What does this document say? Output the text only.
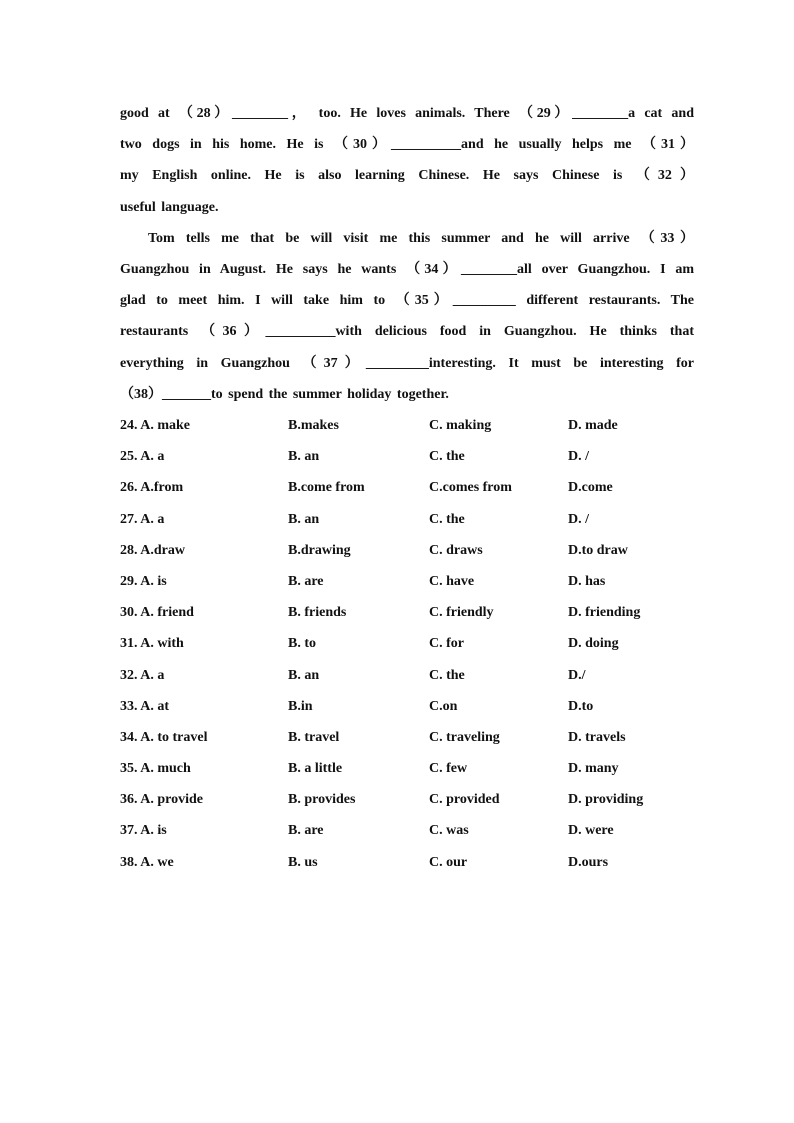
good at （28）________， too. He loves animals. There （29）________a cat and
two dogs in his home. He is （30）__________and he usually helps me （31）
my English online. He is also learning Chinese. He says Chinese is （32）
useful language.
Tom tells me that be will visit me this summer and he will arrive （33）
Guangzhou in August. He says he wants （34）________all over Guangzhou. I am
glad to meet him. I will take him to （35）_________ different restaurants. The
restaurants （36）__________with delicious food in Guangzhou. He thinks that
everything in Guangzhou （37）_________interesting. It must be interesting for
（38）_______to spend the summer holiday together.
24. A. make	B.makes	C. making	D. made
25. A. a	B. an	C. the	D. /
26. A.from	B.come from	C.comes from	D.come
27. A. a	B. an	C. the	D. /
28. A.draw	B.drawing	C. draws	D.to draw
29. A. is	B. are	C. have	D. has
30. A. friend	B. friends	C. friendly	D. friending
31. A. with	B. to	C. for	D. doing
32. A. a	B. an	C. the	D./
33. A. at	B.in	C.on	D.to
34. A. to travel	B. travel	C. traveling	D. travels
35. A. much	B. a little	C. few	D. many
36. A. provide	B. provides	C. provided	D. providing
37. A. is	B. are	C. was	D. were
38. A. we	B. us	C. our	D.ours
